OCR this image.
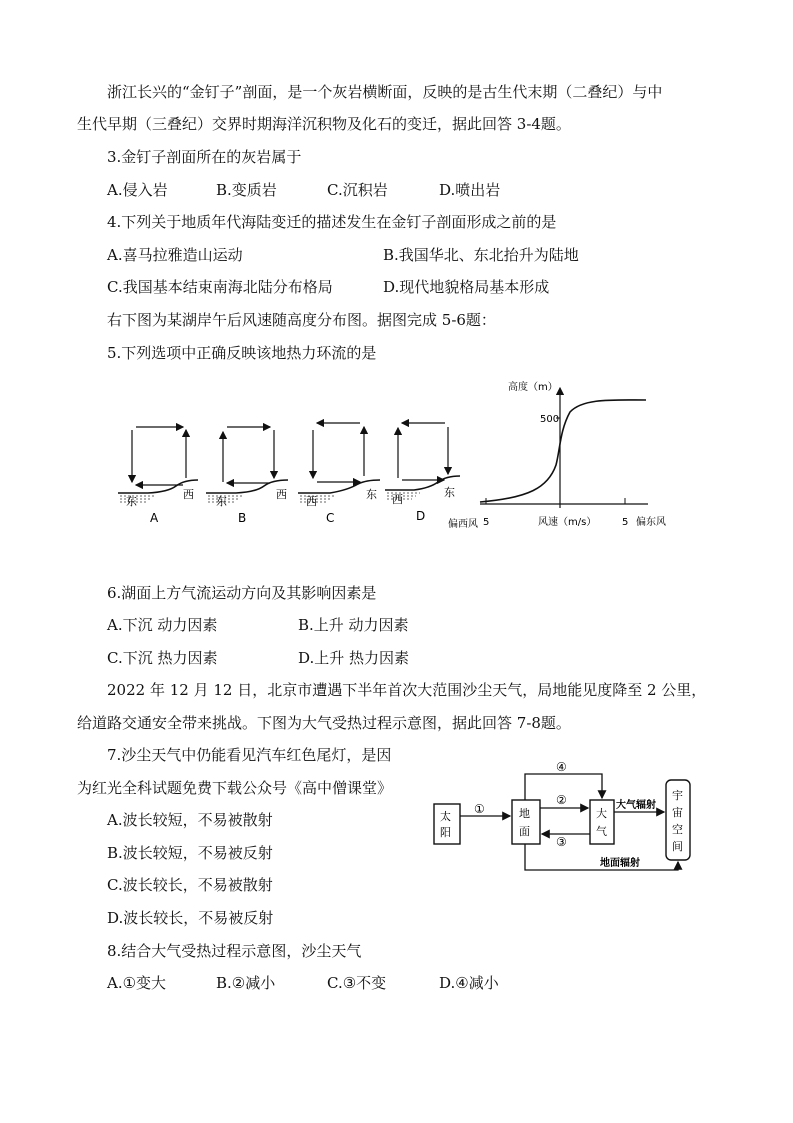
浙江长兴的“金钉子”剖面，是一个灰岩横断面，反映的是古生代末期（二叠纪）与中
生代早期（三叠纪）交界时期海洋沉积物及化石的变迁，据此回答 3-4题。
3.金钉子剖面所在的灰岩属于
A.侵入岩	B.变质岩	C.沉积岩	D.喷出岩
4.下列关于地质年代海陆变迁的描述发生在金钉子剖面形成之前的是
A.喜马拉雅造山运动	B.我国华北、东北抬升为陆地
C.我国基本结束南海北陆分布格局	D.现代地貌格局基本形成
右下图为某湖岸午后风速随高度分布图。据图完成 5-6题：
5.下列选项中正确反映该地热力环流的是
东
西
A
东
西
B
西
东
C
西
东
D
高度（m）
500
5	5
风速（m/s）
偏西风	偏东风
6.湖面上方气流运动方向及其影响因素是
A.下沉 动力因素	B.上升 动力因素
C.下沉 热力因素	D.上升 热力因素
2022 年 12 月 12 日，北京市遭遇下半年首次大范围沙尘天气，局地能见度降至 2 公里，
给道路交通安全带来挑战。下图为大气受热过程示意图，据此回答 7-8题。
7.沙尘天气中仍能看见汽车红色尾灯，是因
为红光全科试题免费下载公众号《高中僧课堂》
A.波长较短，不易被散射
B.波长较短，不易被反射
C.波长较长，不易被散射
D.波长较长，不易被反射
太
阳
地
面
大
气
宇
宙
空
间
①
④
②
③
大气辐射
地面辐射
8.结合大气受热过程示意图，沙尘天气
A.①变大	B.②减小	C.③不变	D.④减小
